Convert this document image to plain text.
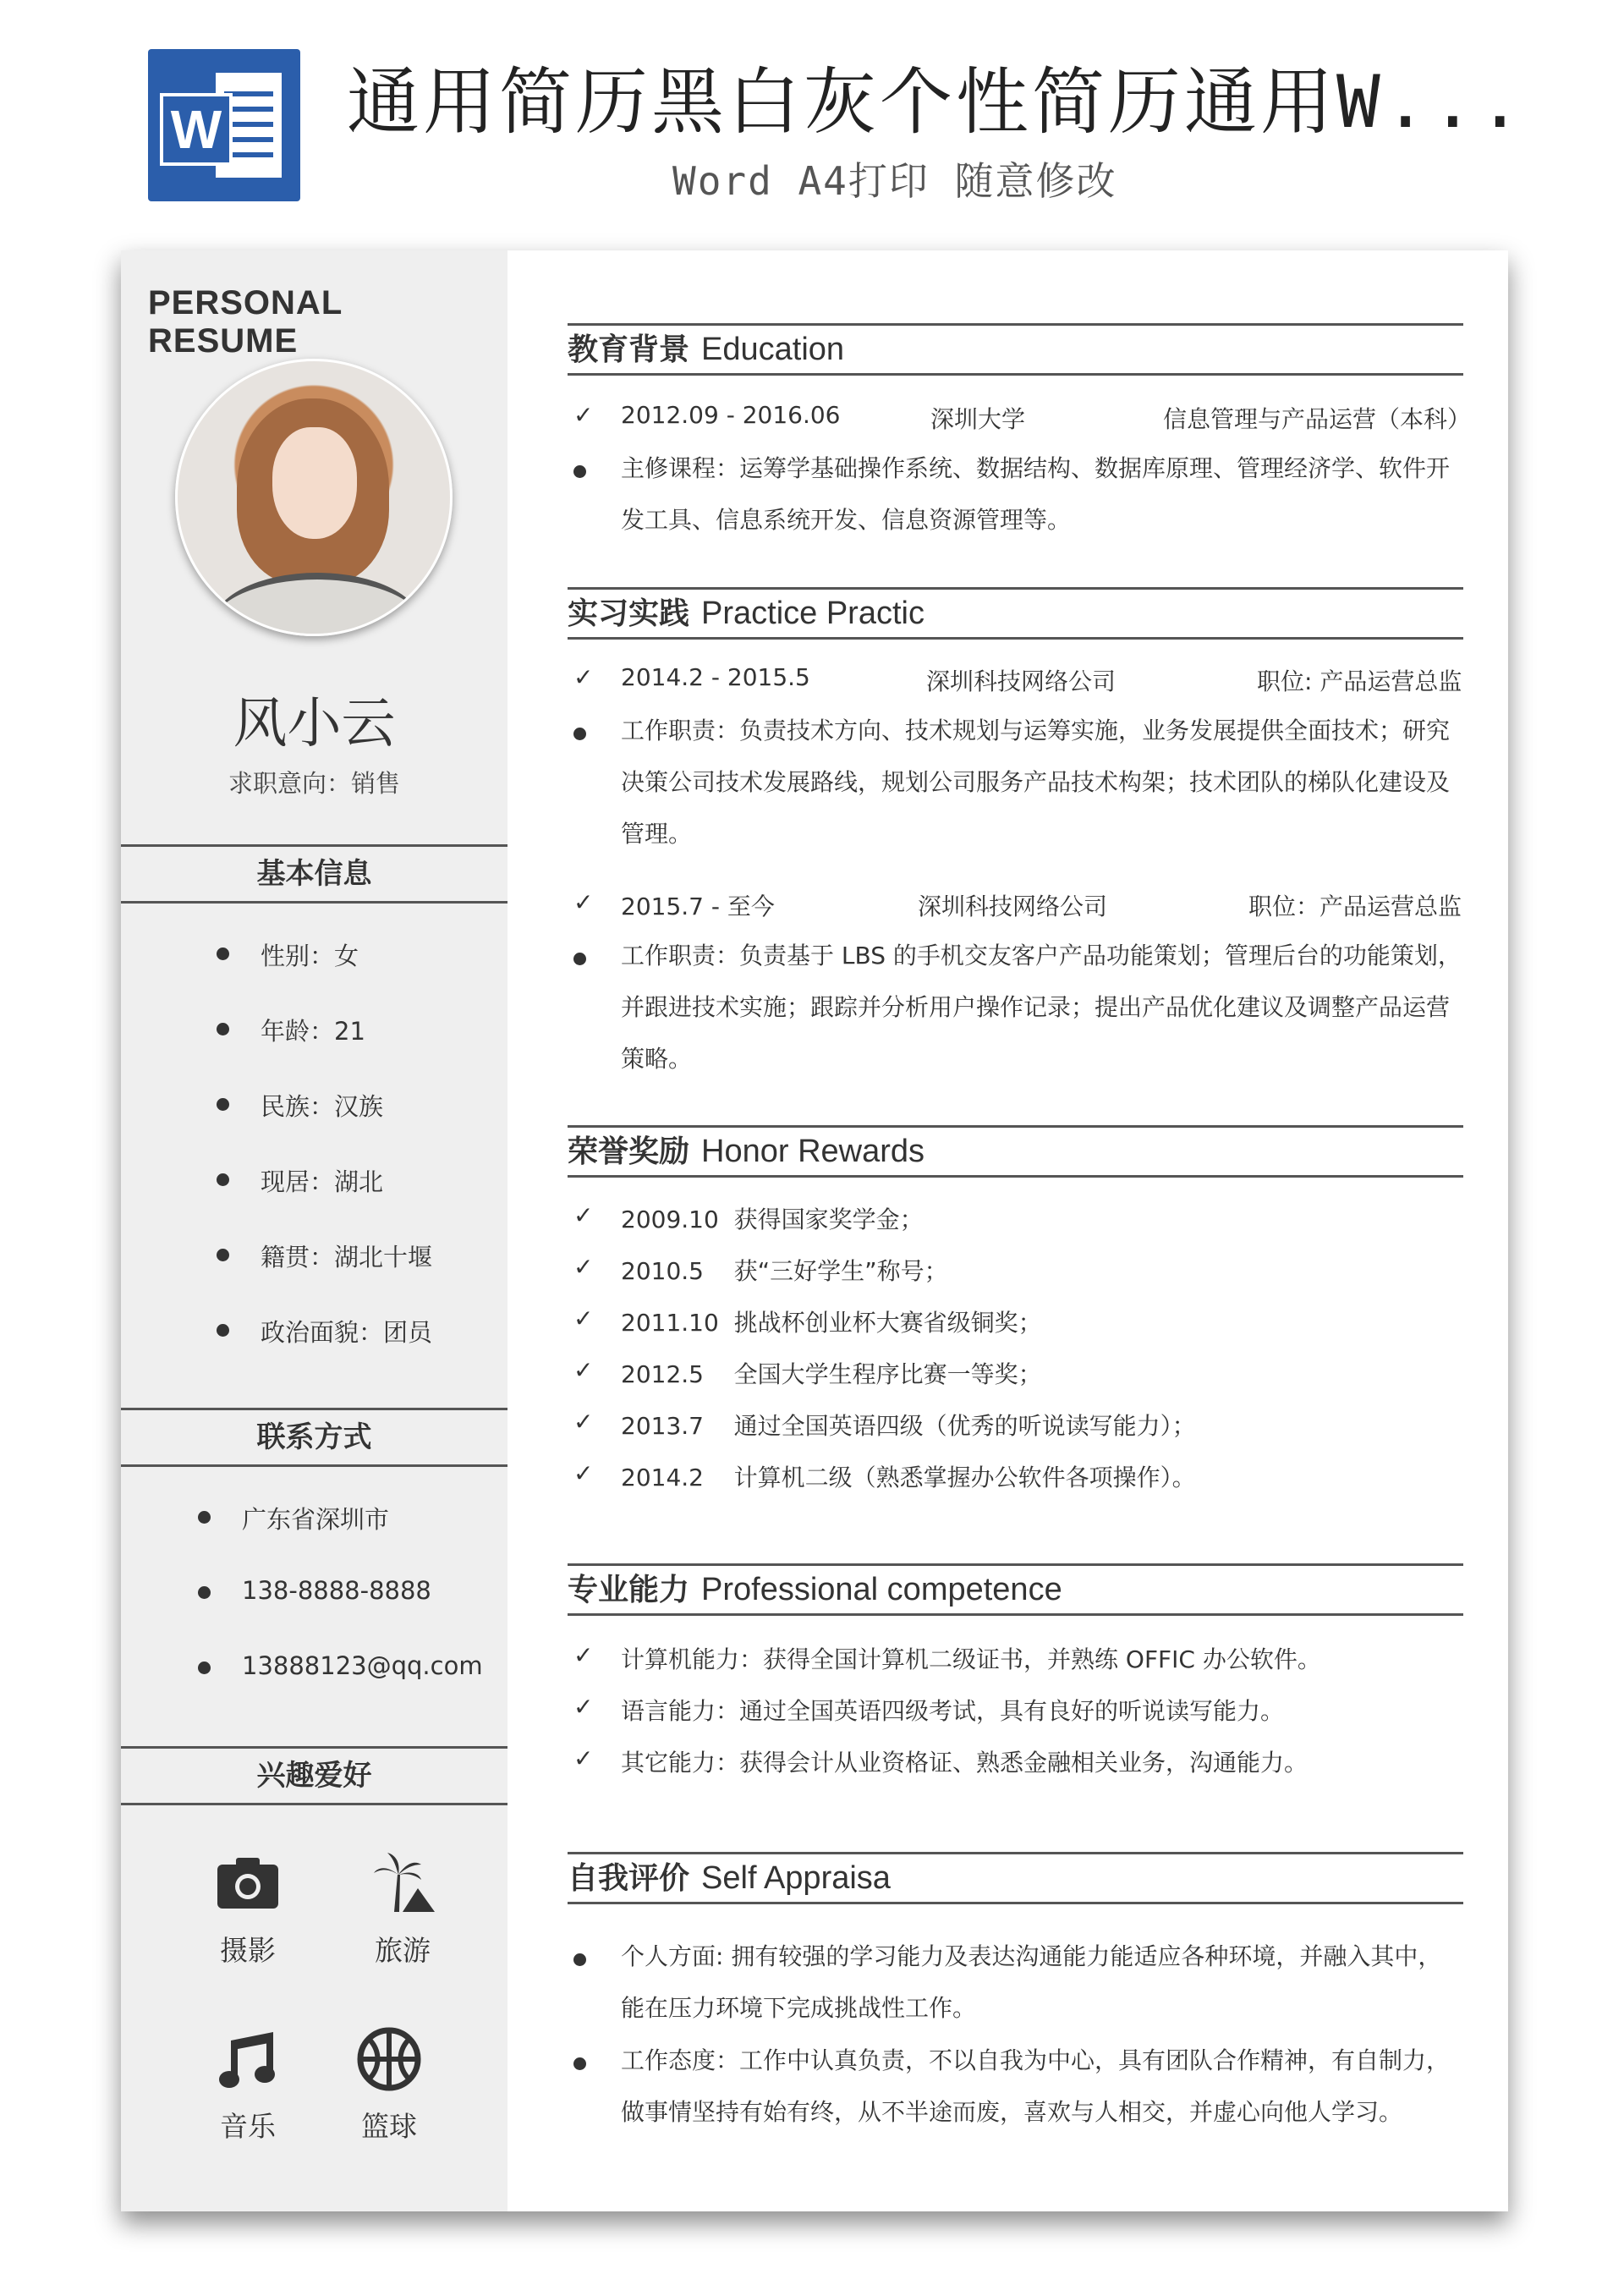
W 通用简历黑白灰个性简历通用W...
Word A4打印 随意修改
PERSONAL RESUME
风小云
求职意向：销售
基本信息
性别：女
年龄：21
民族：汉族
现居：湖北
籍贯：湖北十堰
政治面貌：团员
联系方式
广东省深圳市
138-8888-8888
13888123@qq.com
兴趣爱好
摄影	旅游
音乐	篮球
教育背景 Education
✓ 2012.09 - 2016.06	深圳大学	信息管理与产品运营（本科）
主修课程：运筹学基础操作系统、数据结构、数据库原理、管理经济学、软件开
发工具、信息系统开发、信息资源管理等。
实习实践 Practice Practic
✓ 2014.2 - 2015.5	深圳科技网络公司	职位: 产品运营总监
工作职责：负责技术方向、技术规划与运筹实施，业务发展提供全面技术；研究
决策公司技术发展路线，规划公司服务产品技术构架；技术团队的梯队化建设及
管理。
✓ 2015.7 - 至今	深圳科技网络公司	职位：产品运营总监
工作职责：负责基于 LBS 的手机交友客户产品功能策划；管理后台的功能策划，
并跟进技术实施；跟踪并分析用户操作记录；提出产品优化建议及调整产品运营
策略。
荣誉奖励 Honor Rewards
✓ 2009.10  获得国家奖学金；
✓ 2010.5    获“三好学生”称号；
✓ 2011.10  挑战杯创业杯大赛省级铜奖；
✓ 2012.5    全国大学生程序比赛一等奖；
✓ 2013.7    通过全国英语四级（优秀的听说读写能力）；
✓ 2014.2    计算机二级（熟悉掌握办公软件各项操作）。
专业能力 Professional competence
✓ 计算机能力：获得全国计算机二级证书，并熟练 OFFIC 办公软件。
✓ 语言能力：通过全国英语四级考试，具有良好的听说读写能力。
✓ 其它能力：获得会计从业资格证、熟悉金融相关业务，沟通能力。
自我评价 Self Appraisa
个人方面: 拥有较强的学习能力及表达沟通能力能适应各种环境，并融入其中，
能在压力环境下完成挑战性工作。
工作态度：工作中认真负责，不以自我为中心，具有团队合作精神，有自制力，
做事情坚持有始有终，从不半途而废，喜欢与人相交，并虚心向他人学习。
